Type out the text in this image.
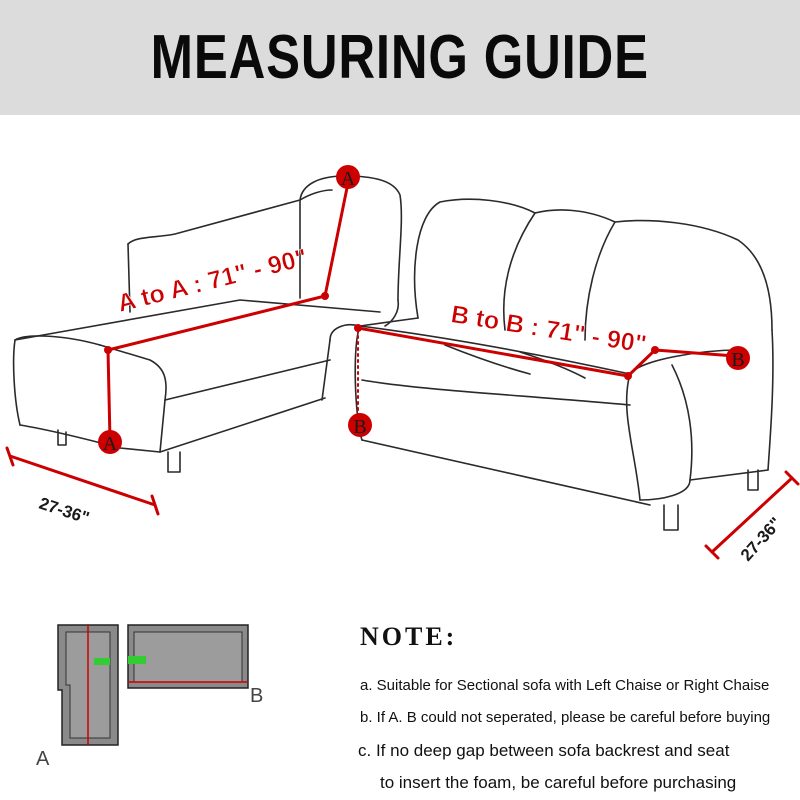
MEASURING GUIDE
A
A
B
B
A to A : 71" - 90"
B to B : 71" - 90"
27-36"
27-36"
A
B
NOTE:
a. Suitable for Sectional sofa with Left Chaise or Right Chaise
b. If A. B could not seperated, please be careful before buying
c. If no deep gap between sofa backrest and seat
to insert the foam, be careful before purchasing
